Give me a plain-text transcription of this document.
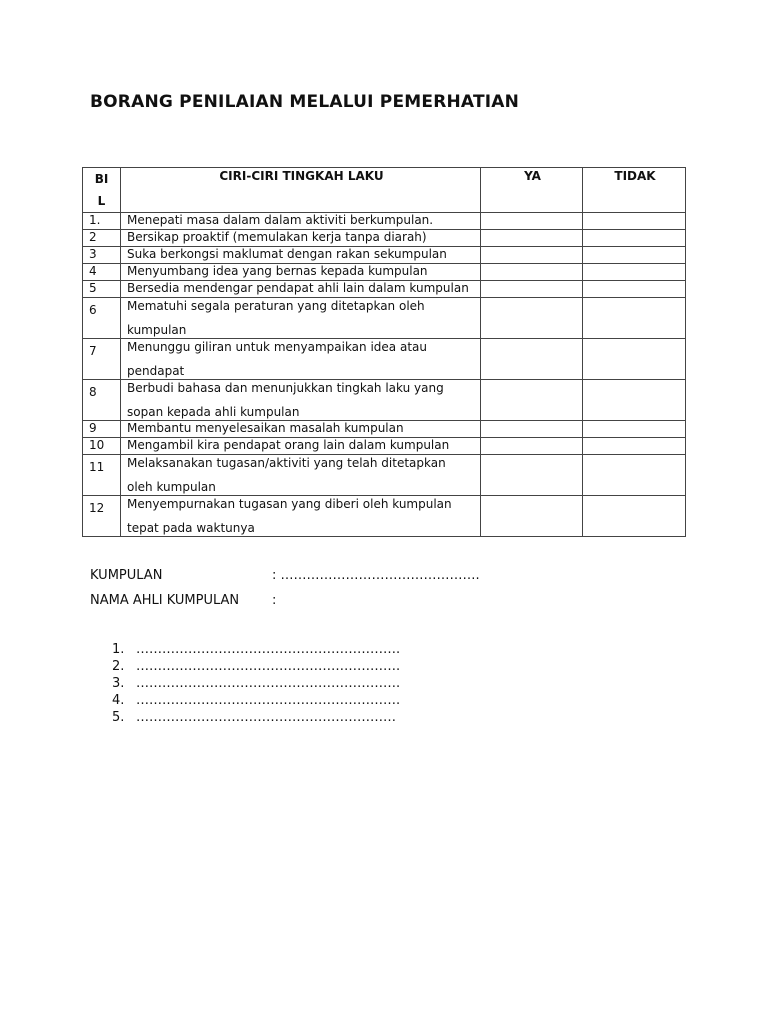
BORANG PENILAIAN MELALUI PEMERHATIAN
BI
L	CIRI-CIRI TINGKAH LAKU	YA	TIDAK
1.	Menepati masa dalam dalam aktiviti berkumpulan.		
2	Bersikap proaktif (memulakan kerja tanpa diarah)		
3	Suka berkongsi maklumat dengan rakan sekumpulan		
4	Menyumbang idea yang bernas kepada kumpulan		
5	Bersedia mendengar pendapat ahli lain dalam kumpulan		
6	Mematuhi segala peraturan yang ditetapkan oleh
kumpulan		

7	Menunggu giliran untuk menyampaikan idea atau
pendapat		

8	Berbudi bahasa dan menunjukkan tingkah laku yang
sopan kepada ahli kumpulan		

9	Membantu menyelesaikan masalah kumpulan		
10	Mengambil kira pendapat orang lain dalam kumpulan		
11	Melaksanakan tugasan/aktiviti yang telah ditetapkan
oleh kumpulan		

12	Menyempurnakan tugasan yang diberi oleh kumpulan
tepat pada waktunya		

KUMPULAN	: ……………………………………….
NAMA AHLI KUMPULAN	:
1. …………………………………………………….
2. …………………………………………………….
3. …………………………………………………….
4. …………………………………………………….
5. ……………………………………………………
